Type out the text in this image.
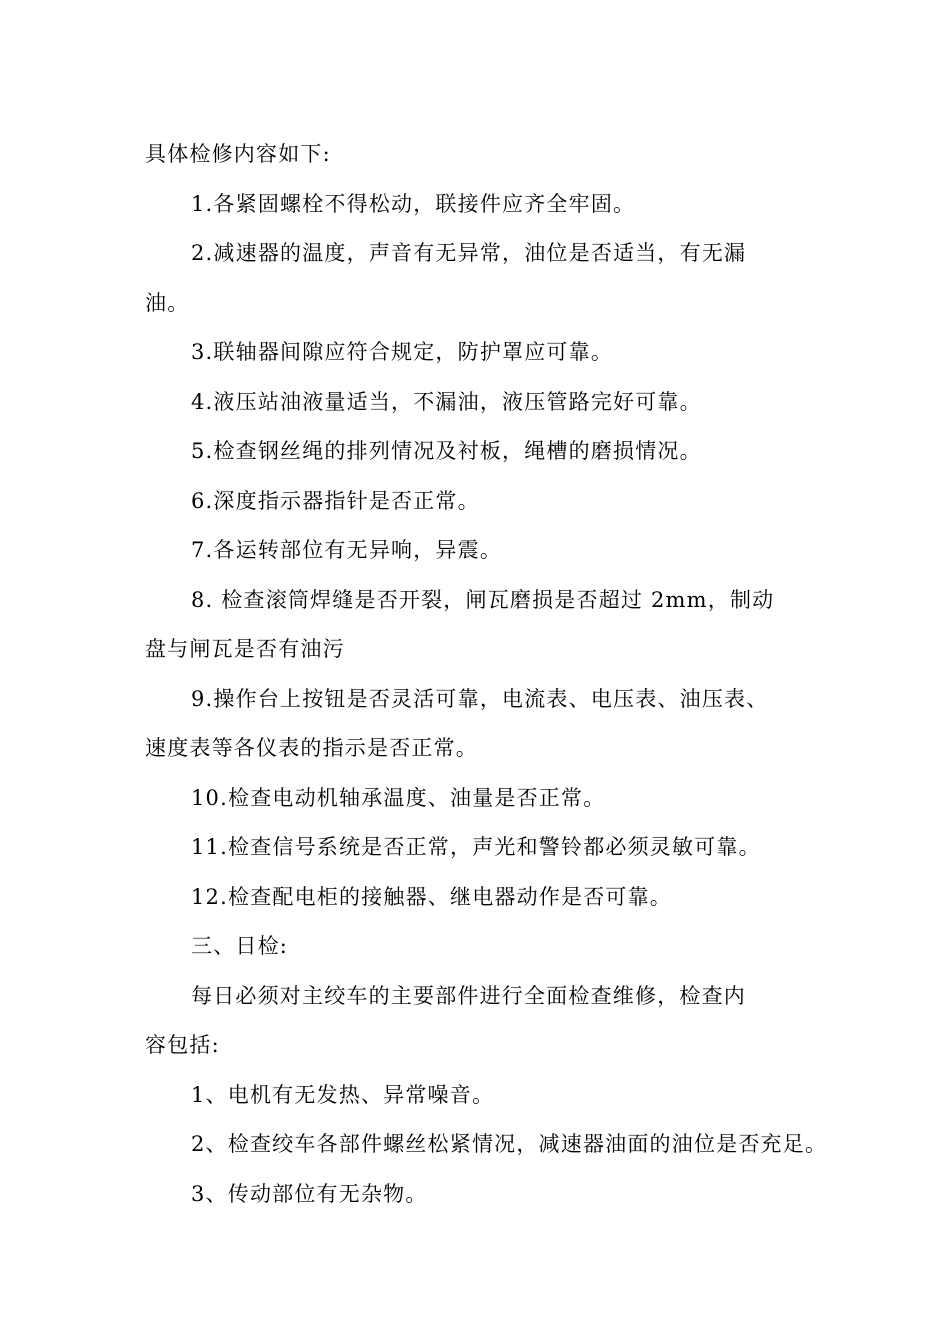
具体检修内容如下:
1.各紧固螺栓不得松动，联接件应齐全牢固。
2.减速器的温度，声音有无异常，油位是否适当，有无漏
油。
3.联轴器间隙应符合规定，防护罩应可靠。
4.液压站油液量适当，不漏油，液压管路完好可靠。
5.检查钢丝绳的排列情况及衬板，绳槽的磨损情况。
6.深度指示器指针是否正常。
7.各运转部位有无异响，异震。
8. 检查滚筒焊缝是否开裂，闸瓦磨损是否超过 2mm，制动
盘与闸瓦是否有油污
9.操作台上按钮是否灵活可靠，电流表、电压表、油压表、
速度表等各仪表的指示是否正常。
10.检查电动机轴承温度、油量是否正常。
11.检查信号系统是否正常，声光和警铃都必须灵敏可靠。
12.检查配电柜的接触器、继电器动作是否可靠。
三、日检:
每日必须对主绞车的主要部件进行全面检查维修，检查内
容包括:
1、电机有无发热、异常噪音。
2、检查绞车各部件螺丝松紧情况，减速器油面的油位是否充足。
3、传动部位有无杂物。
